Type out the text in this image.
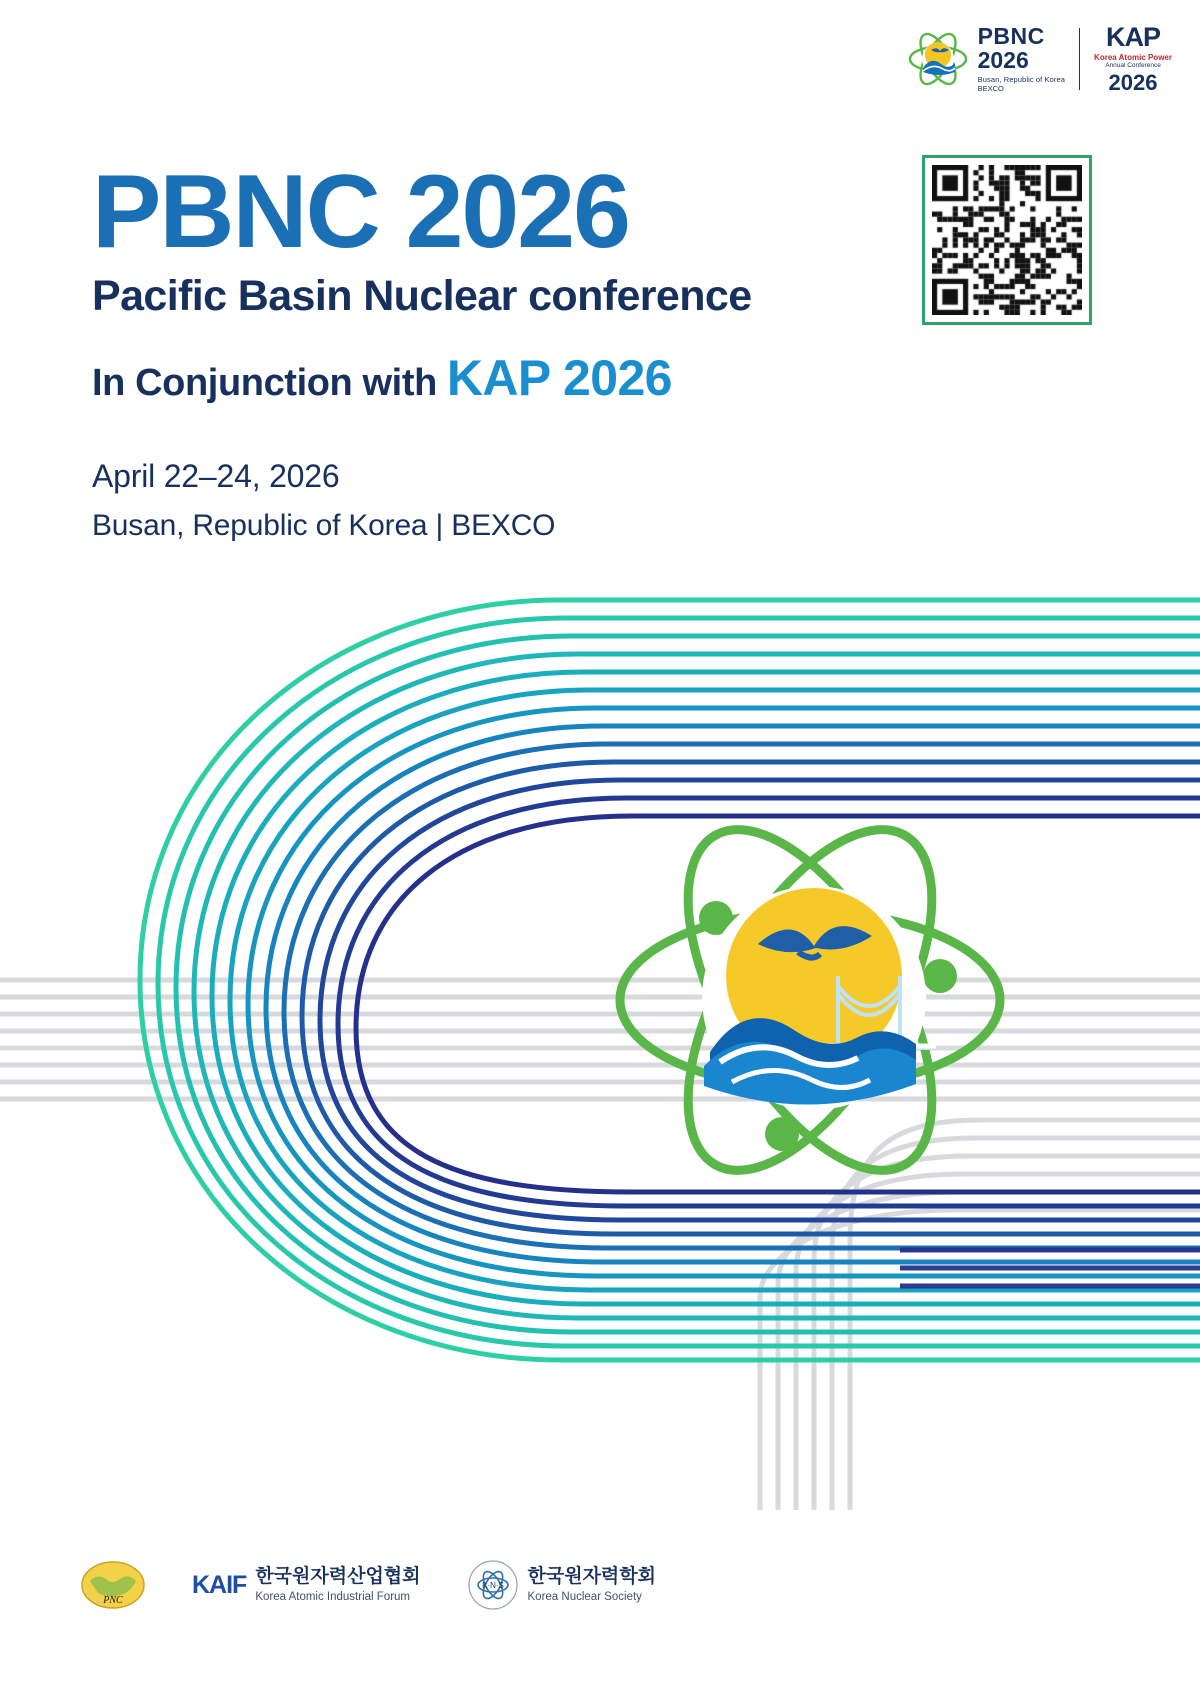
PBNC
2026
Busan, Republic of Korea
BEXCO
KAP
Korea Atomic Power
Annual Conference
2026
PBNC 2026
Pacific Basin Nuclear conference
In Conjunction with KAP 2026
April 22–24, 2026
Busan, Republic of Korea | BEXCO
PNC
KAIF 한국원자력산업협회
Korea Atomic Industrial Forum
K·N·S 한국원자력학회
Korea Nuclear Society
